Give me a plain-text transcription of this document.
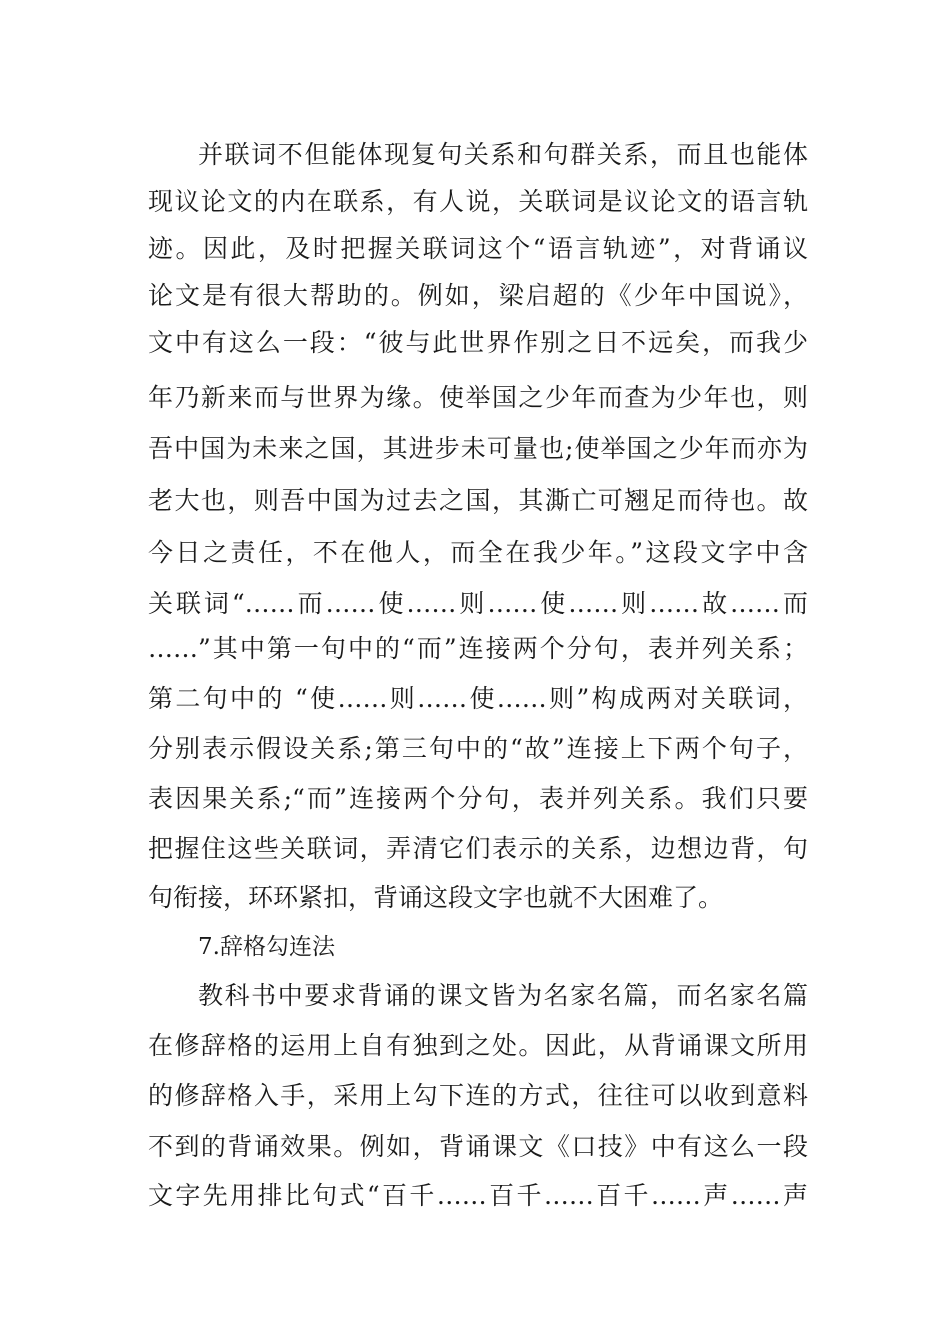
并联词不但能体现复句关系和句群关系，而且也能体
现议论文的内在联系，有人说，关联词是议论文的语言轨
迹。因此，及时把握关联词这个“语言轨迹”，对背诵议
论文是有很大帮助的。例如，梁启超的《少年中国说》，
文中有这么一段：“彼与此世界作别之日不远矣，而我少
年乃新来而与世界为缘。使举国之少年而查为少年也，则
吾中国为未来之国，其进步未可量也;使举国之少年而亦为
老大也，则吾中国为过去之国，其澌亡可翘足而待也。故
今日之责任，不在他人，而全在我少年。”这段文字中含
关联词“……而……使……则……使……则……故……而
……”其中第一句中的“而”连接两个分句，表并列关系；
第二句中的 “使……则……使……则”构成两对关联词，
分别表示假设关系;第三句中的“故”连接上下两个句子，
表因果关系;“而”连接两个分句，表并列关系。我们只要
把握住这些关联词，弄清它们表示的关系，边想边背，句
句衔接，环环紧扣，背诵这段文字也就不大困难了。
7.辞格勾连法
教科书中要求背诵的课文皆为名家名篇，而名家名篇
在修辞格的运用上自有独到之处。因此，从背诵课文所用
的修辞格入手，采用上勾下连的方式，往往可以收到意料
不到的背诵效果。例如，背诵课文《口技》中有这么一段
文字先用排比句式“百千……百千……百千……声……声
